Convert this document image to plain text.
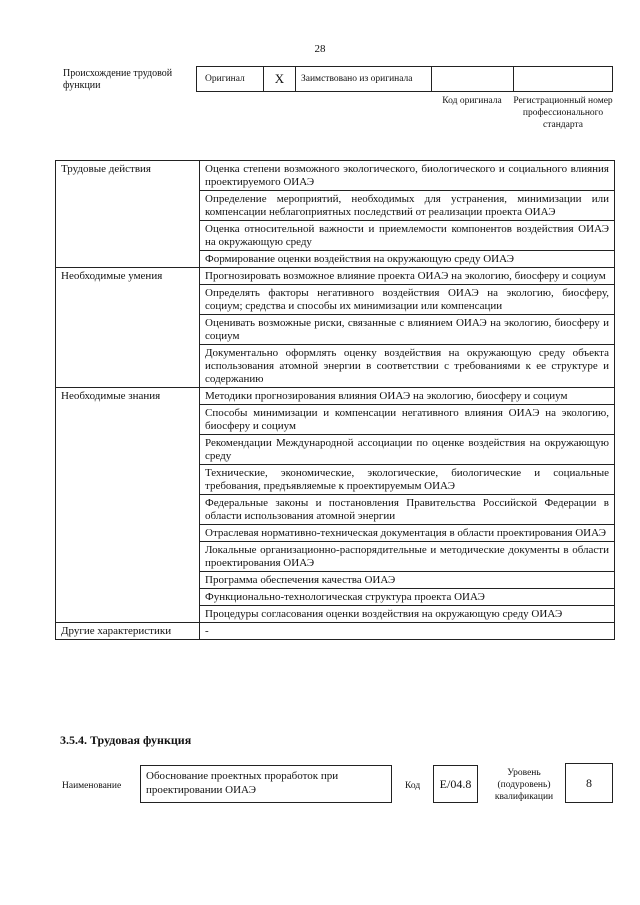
28
Происхождение трудовой функции
Оригинал	X	Заимствовано из оригинала
Код оригинала	Регистрационный номер профессионального стандарта
Трудовые действия	Оценка степени возможного экологического, биологического и социального влияния проектируемого ОИАЭ
	Определение мероприятий, необходимых для устранения, минимизации или компенсации неблагоприятных последствий от реализации проекта ОИАЭ
	Оценка относительной важности и приемлемости компонентов воздействия ОИАЭ на окружающую среду
	Формирование оценки воздействия на окружающую среду ОИАЭ
Необходимые умения	Прогнозировать возможное влияние проекта ОИАЭ на экологию, биосферу и социум
	Определять факторы негативного воздействия ОИАЭ на экологию, биосферу, социум; средства и способы их минимизации или компенсации
	Оценивать возможные риски, связанные с влиянием ОИАЭ на экологию, биосферу и социум
	Документально оформлять оценку воздействия на окружающую среду объекта использования атомной энергии в соответствии с требованиями к ее структуре и содержанию
Необходимые знания	Методики прогнозирования влияния ОИАЭ на экологию, биосферу и социум
	Способы минимизации и компенсации негативного влияния ОИАЭ на экологию, биосферу и социум
	Рекомендации Международной ассоциации по оценке воздействия на окружающую среду
	Технические, экономические, экологические, биологические и социальные требования, предъявляемые к проектируемым ОИАЭ
	Федеральные законы и постановления Правительства Российской Федерации в области использования атомной энергии
	Отраслевая нормативно-техническая документация в области проектирования ОИАЭ
	Локальные организационно-распорядительные и методические документы в области проектирования ОИАЭ
	Программа обеспечения качества ОИАЭ
	Функционально-технологическая структура проекта ОИАЭ
	Процедуры согласования оценки воздействия на окружающую среду ОИАЭ
Другие характеристики	-
3.5.4. Трудовая функция
Наименование
Обоснование проектных проработок при проектировании ОИАЭ	Код	E/04.8
Уровень (подуровень) квалификации
8
